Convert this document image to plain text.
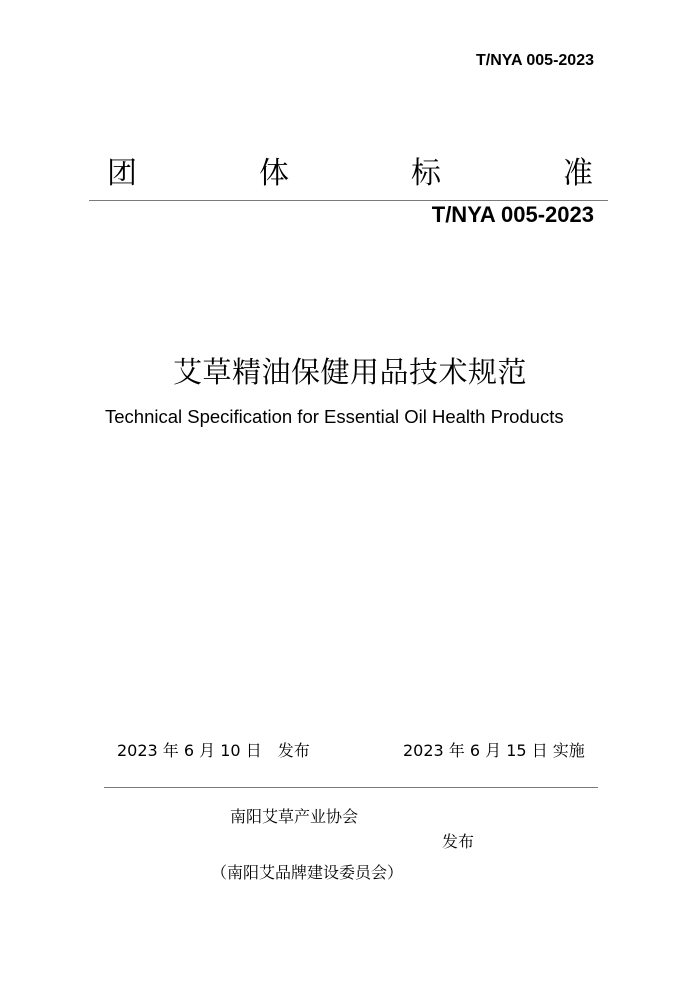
T/NYA 005-2023
团	体	标	准
T/NYA 005-2023
艾草精油保健用品技术规范
Technical Specification for Essential Oil Health Products
2023 年 6 月 10 日　发布	2023 年 6 月 15 日 实施
南阳艾草产业协会
发布
（南阳艾品牌建设委员会）
